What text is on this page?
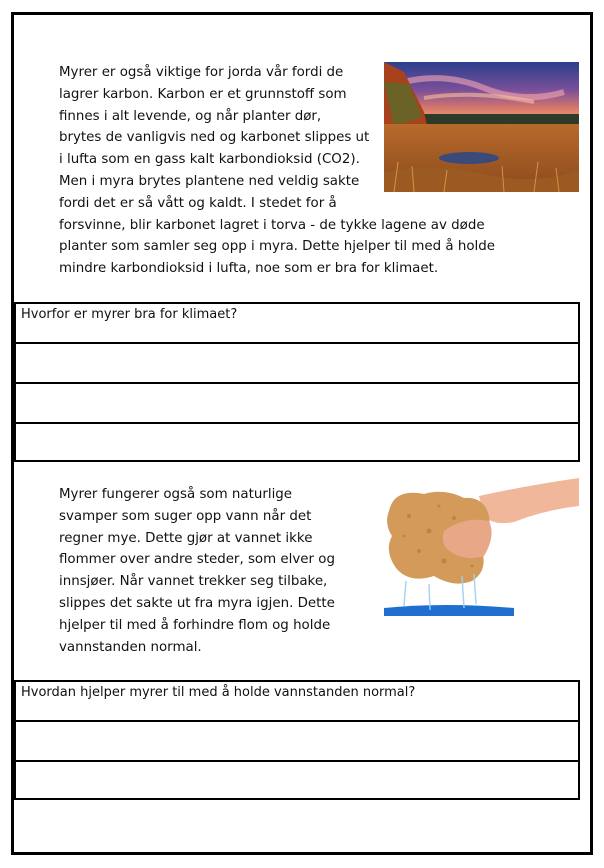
Myrer er også viktige for jorda vår fordi de
lagrer karbon. Karbon er et grunnstoff som
finnes i alt levende, og når planter dør,
brytes de vanligvis ned og karbonet slippes ut
i lufta som en gass kalt karbondioksid (CO2).
Men i myra brytes plantene ned veldig sakte
fordi det er så vått og kaldt. I stedet for å
forsvinne, blir karbonet lagret i torva - de tykke lagene av døde
planter som samler seg opp i myra. Dette hjelper til med å holde
mindre karbondioksid i lufta, noe som er bra for klimaet.
Hvorfor er myrer bra for klimaet?
Myrer fungerer også som naturlige
svamper som suger opp vann når det
regner mye. Dette gjør at vannet ikke
flommer over andre steder, som elver og
innsjøer. Når vannet trekker seg tilbake,
slippes det sakte ut fra myra igjen. Dette
hjelper til med å forhindre flom og holde
vannstanden normal.
Hvordan hjelper myrer til med å holde vannstanden normal?
